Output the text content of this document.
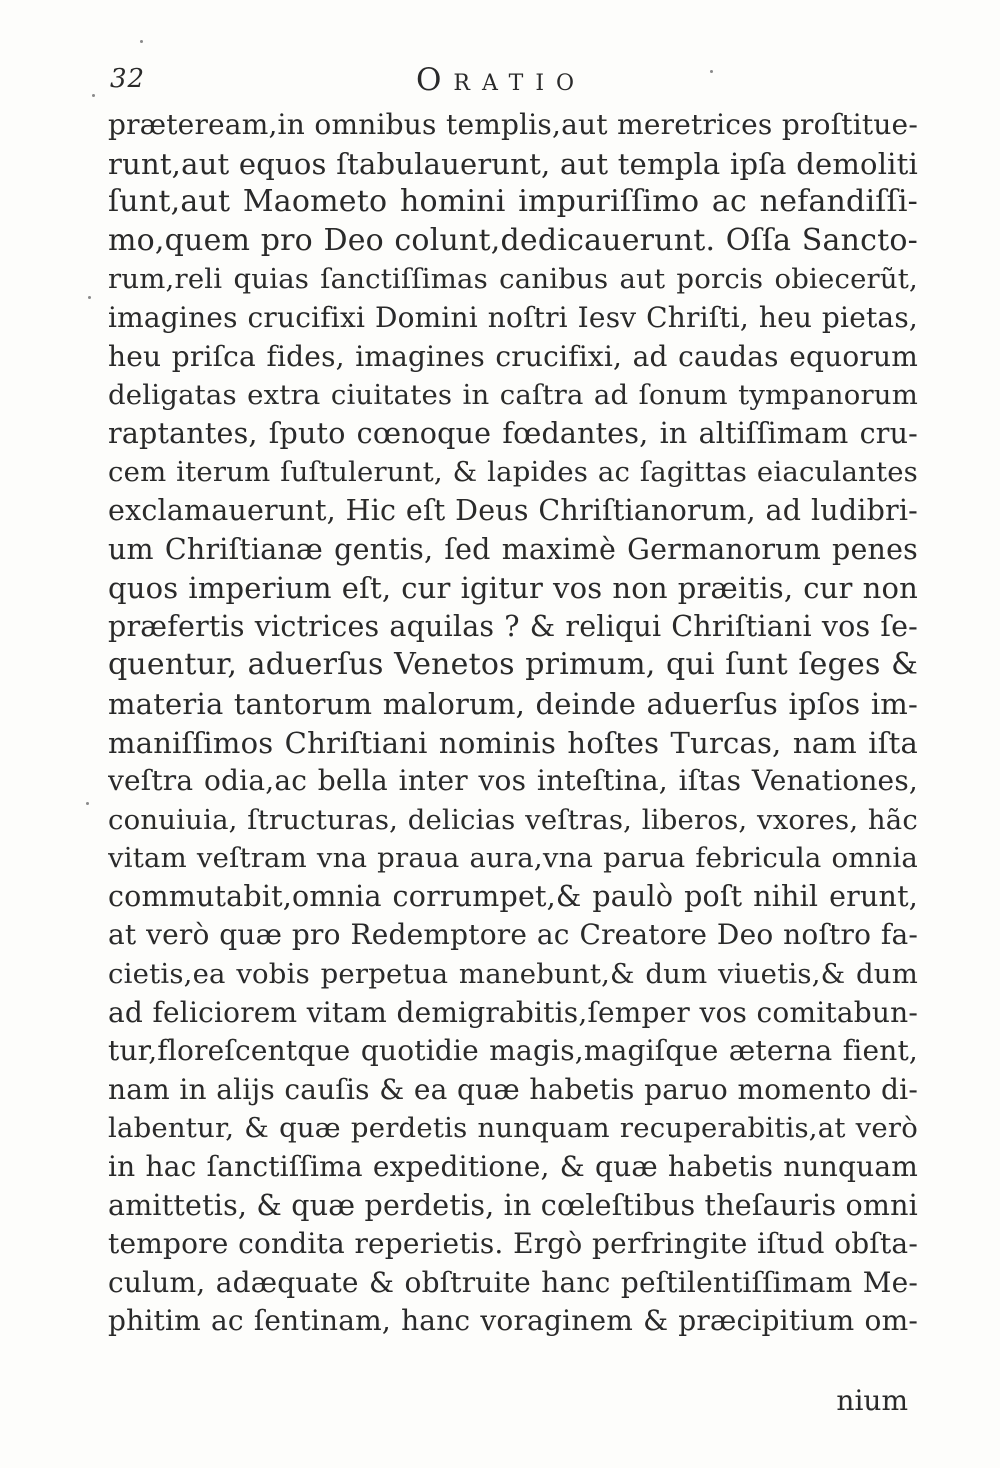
32	Oratio
præteream,in omnibus templis,aut meretrices proſtitue-
runt,aut equos ſtabulauerunt, aut templa ipſa demoliti
ſunt,aut Maometo homini impuriſſimo ac nefandiſſi-
mo,quem pro Deo colunt,dedicauerunt. Oſſa Sancto-
rum,reli quias ſanctiſſimas canibus aut porcis obiecerũt,
imagines crucifixi Domini noſtri Iesv Chriſti, heu pietas,
heu priſca fides, imagines crucifixi, ad caudas equorum
deligatas extra ciuitates in caſtra ad ſonum tympanorum
raptantes, ſputo cœnoque fœdantes, in altiſſimam cru-
cem iterum ſuſtulerunt, & lapides ac ſagittas eiaculantes
exclamauerunt, Hic eſt Deus Chriſtianorum, ad ludibri-
um Chriſtianæ gentis, ſed maximè Germanorum penes
quos imperium eſt, cur igitur vos non præitis, cur non
præfertis victrices aquilas ? & reliqui Chriſtiani vos ſe-
quentur, aduerſus Venetos primum, qui ſunt ſeges &
materia tantorum malorum, deinde aduerſus ipſos im-
maniſſimos Chriſtiani nominis hoſtes Turcas, nam iſta
veſtra odia,ac bella inter vos inteſtina, iſtas Venationes,
conuiuia, ſtructuras, delicias veſtras, liberos, vxores, hãc
vitam veſtram vna praua aura,vna parua febricula omnia
commutabit,omnia corrumpet,& paulò poſt nihil erunt,
at verò quæ pro Redemptore ac Creatore Deo noſtro fa-
cietis,ea vobis perpetua manebunt,& dum viuetis,& dum
ad feliciorem vitam demigrabitis,ſemper vos comitabun-
tur,floreſcentque quotidie magis,magiſque æterna fient,
nam in alijs cauſis & ea quæ habetis paruo momento di-
labentur, & quæ perdetis nunquam recuperabitis,at verò
in hac ſanctiſſima expeditione, & quæ habetis nunquam
amittetis, & quæ perdetis, in cœleſtibus theſauris omni
tempore condita reperietis. Ergò perfringite iſtud obſta-
culum, adæquate & obſtruite hanc peſtilentiſſimam Me-
phitim ac ſentinam, hanc voraginem & præcipitium om-
nium
